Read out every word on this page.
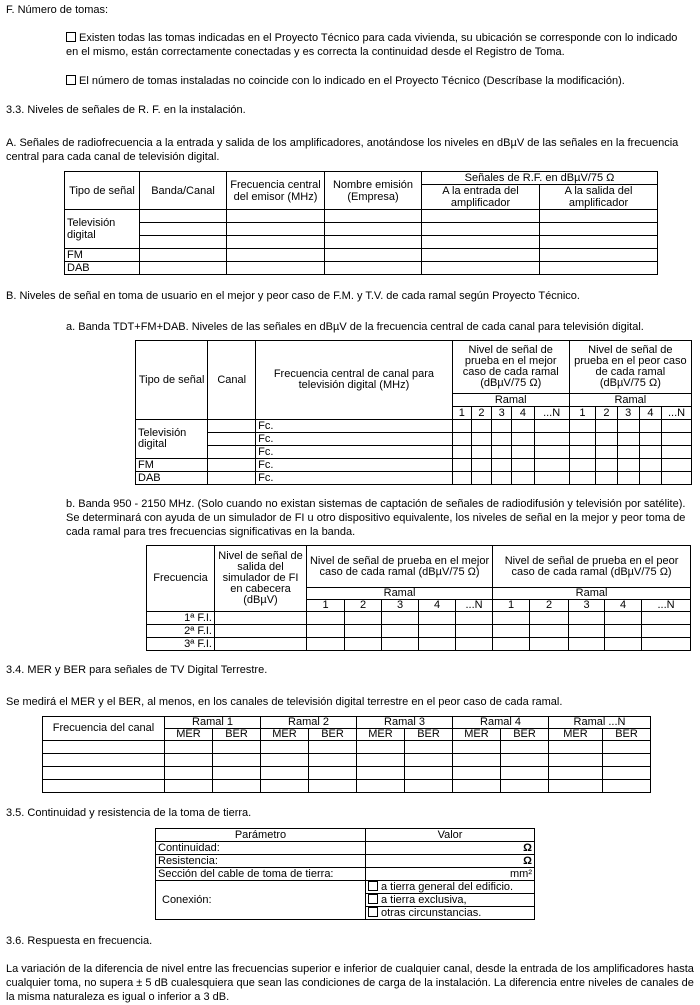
F. Número de tomas:

Existen todas las tomas indicadas en el Proyecto Técnico para cada vivienda, su ubicación se corresponde con lo indicado en el mismo, están correctamente conectadas y es correcta la continuidad desde el Registro de Toma.

El número de tomas instaladas no coincide con lo indicado en el Proyecto Técnico (Descríbase la modificación).

3.3. Niveles de señales de R. F. en la instalación.

A. Señales de radiofrecuencia a la entrada y salida de los amplificadores, anotándose los niveles en dBµV de las señales en la frecuencia central para cada canal de televisión digital.

Tipo de señal	Banda/Canal	Frecuencia central del emisor (MHz)	Nombre emisión (Empresa)	Señales de R.F. en dBµV/75 Ω	
				A la entrada del amplificador	A la salida del amplificador
Televisión digital					

FM					
DAB					

B. Niveles de señal en toma de usuario en el mejor y peor caso de F.M. y T.V. de cada ramal según Proyecto Técnico.

a. Banda TDT+FM+DAB. Niveles de las señales en dBµV de la frecuencia central de cada canal para televisión digital.

Tipo de señal	Canal	Frecuencia central de canal para televisión digital (MHz)	Nivel de señal de prueba en el mejor caso de cada ramal (dBµV/75 Ω)					Nivel de señal de prueba en el peor caso de cada ramal (dBµV/75 Ω)				
			Ramal					Ramal				
			1	2	3	4	...N	1	2	3	4	...N
Televisión digital		Fc.										
		Fc.										
		Fc.										
FM		Fc.										
DAB		Fc.										

b. Banda 950 - 2150 MHz. (Solo cuando no existan sistemas de captación de señales de radiodifusión y televisión por satélite). Se determinará con ayuda de un simulador de FI u otro dispositivo equivalente, los niveles de señal en la mejor y peor toma de cada ramal para tres frecuencias significativas en la banda.

Frecuencia	Nivel de señal de salida del simulador de FI en cabecera (dBµV)	Nivel de señal de prueba en el mejor caso de cada ramal (dBµV/75 Ω)					Nivel de señal de prueba en el peor caso de cada ramal (dBµV/75 Ω)				
		Ramal					Ramal				
		1	2	3	4	...N	1	2	3	4	...N
1ª F.I.											
2ª F.I.											
3ª F.I.											

3.4. MER y BER para señales de TV Digital Terrestre.

Se medirá el MER y el BER, al menos, en los canales de televisión digital terrestre en el peor caso de cada ramal.

Frecuencia del canal	Ramal 1		Ramal 2		Ramal 3		Ramal 4		Ramal ...N	
	MER	BER	MER	BER	MER	BER	MER	BER	MER	BER

3.5. Continuidad y resistencia de la toma de tierra.

Parámetro	Valor
Continuidad:	Ω
Resistencia:	Ω
Sección del cable de toma de tierra:	mm²
Conexión:	a tierra general del edificio.
	a tierra exclusiva,
	otras circunstancias.

3.6. Respuesta en frecuencia.

La variación de la diferencia de nivel entre las frecuencias superior e inferior de cualquier canal, desde la entrada de los amplificadores hasta cualquier toma, no supera ± 5 dB cualesquiera que sean las condiciones de carga de la instalación. La diferencia entre niveles de canales de la misma naturaleza es igual o inferior a 3 dB.
